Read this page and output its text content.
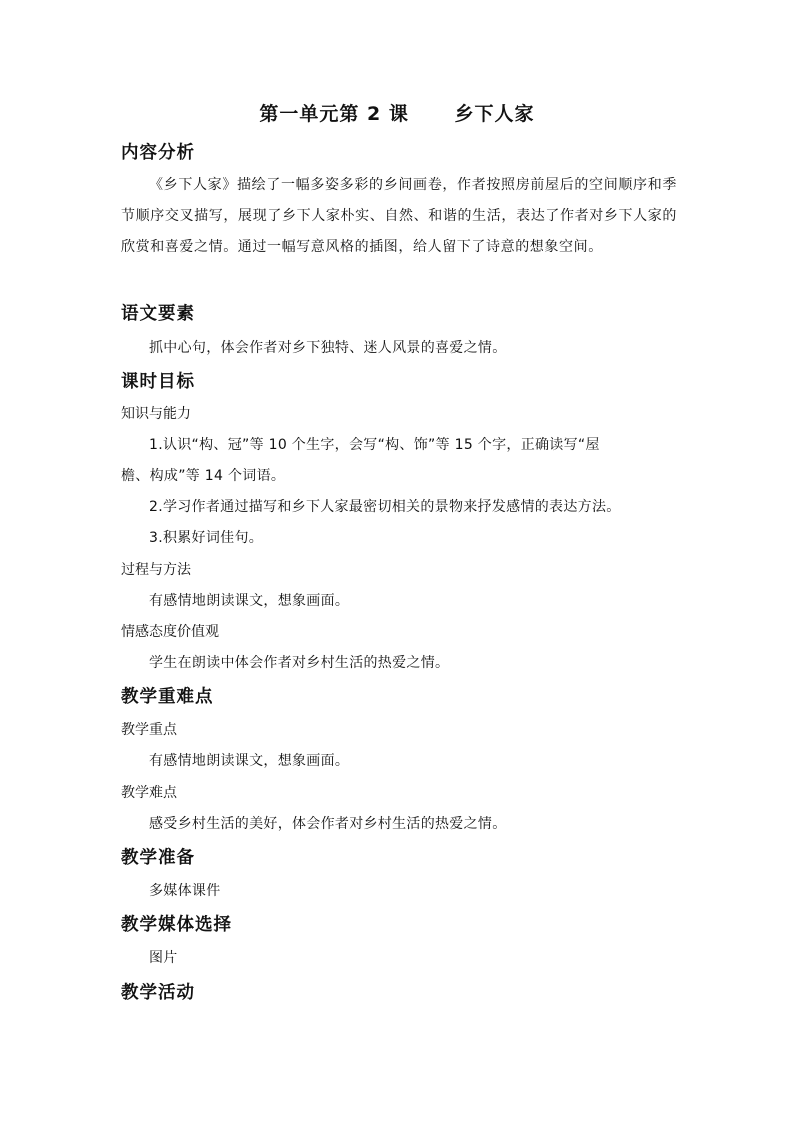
第一单元第 2 课      乡下人家
内容分析
《乡下人家》描绘了一幅多姿多彩的乡间画卷，作者按照房前屋后的空间顺序和季节顺序交叉描写，展现了乡下人家朴实、自然、和谐的生活，表达了作者对乡下人家的欣赏和喜爱之情。通过一幅写意风格的插图，给人留下了诗意的想象空间。
语文要素
抓中心句，体会作者对乡下独特、迷人风景的喜爱之情。
课时目标
知识与能力
1.认识“构、冠”等 10 个生字，会写“构、饰”等 15 个字，正确读写“屋
檐、构成”等 14 个词语。
2.学习作者通过描写和乡下人家最密切相关的景物来抒发感情的表达方法。
3.积累好词佳句。
过程与方法
有感情地朗读课文，想象画面。
情感态度价值观
学生在朗读中体会作者对乡村生活的热爱之情。
教学重难点
教学重点
有感情地朗读课文，想象画面。
教学难点
感受乡村生活的美好，体会作者对乡村生活的热爱之情。
教学准备
多媒体课件
教学媒体选择
图片
教学活动
